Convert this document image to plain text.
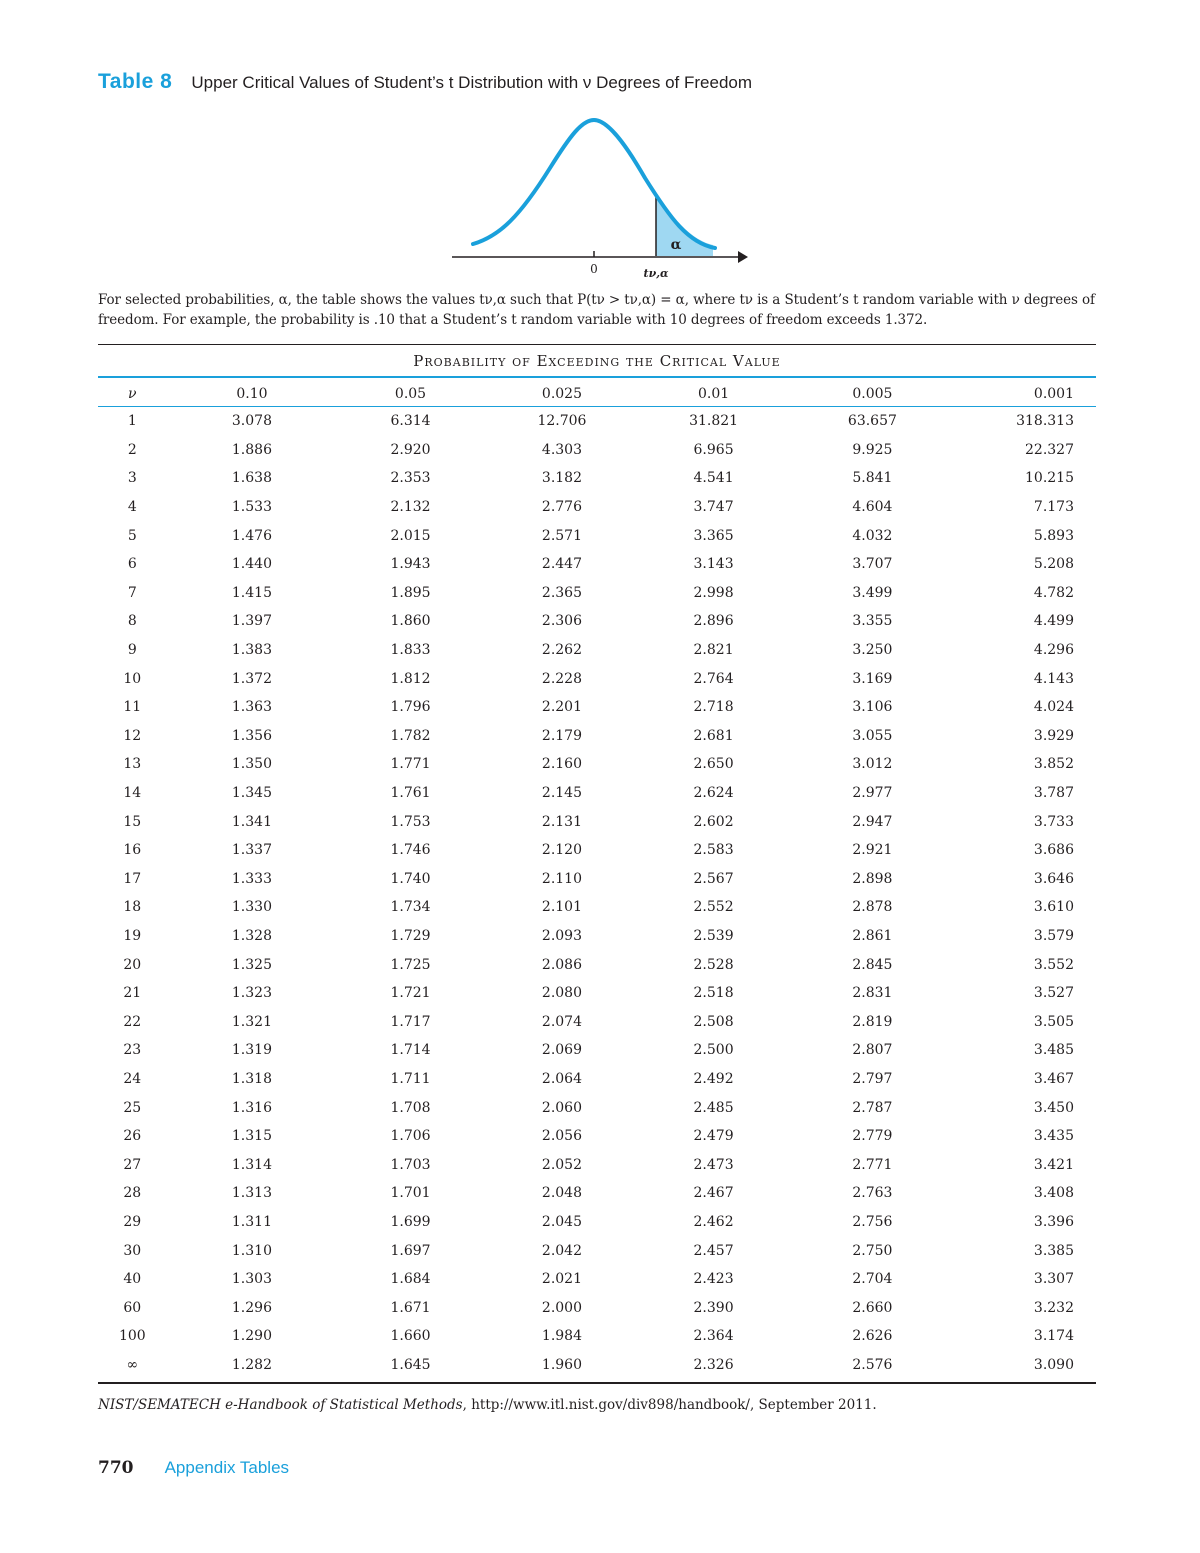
Table 8 Upper Critical Values of Student’s t Distribution with ν Degrees of Freedom
0	tν,α
α
For selected probabilities, α, the table shows the values tν,α such that P(tν > tν,α) = α, where tν is a Student’s t random variable with ν degrees of freedom. For example, the probability is .10 that a Student’s t random variable with 10 degrees of freedom exceeds 1.372.
Probability of Exceeding the Critical Value
ν	0.10	0.05	0.025	0.01	0.005	0.001
1	3.078	6.314	12.706	31.821	63.657	318.313
2	1.886	2.920	4.303	6.965	9.925	22.327
3	1.638	2.353	3.182	4.541	5.841	10.215
4	1.533	2.132	2.776	3.747	4.604	7.173
5	1.476	2.015	2.571	3.365	4.032	5.893
6	1.440	1.943	2.447	3.143	3.707	5.208
7	1.415	1.895	2.365	2.998	3.499	4.782
8	1.397	1.860	2.306	2.896	3.355	4.499
9	1.383	1.833	2.262	2.821	3.250	4.296
10	1.372	1.812	2.228	2.764	3.169	4.143
11	1.363	1.796	2.201	2.718	3.106	4.024
12	1.356	1.782	2.179	2.681	3.055	3.929
13	1.350	1.771	2.160	2.650	3.012	3.852
14	1.345	1.761	2.145	2.624	2.977	3.787
15	1.341	1.753	2.131	2.602	2.947	3.733
16	1.337	1.746	2.120	2.583	2.921	3.686
17	1.333	1.740	2.110	2.567	2.898	3.646
18	1.330	1.734	2.101	2.552	2.878	3.610
19	1.328	1.729	2.093	2.539	2.861	3.579
20	1.325	1.725	2.086	2.528	2.845	3.552
21	1.323	1.721	2.080	2.518	2.831	3.527
22	1.321	1.717	2.074	2.508	2.819	3.505
23	1.319	1.714	2.069	2.500	2.807	3.485
24	1.318	1.711	2.064	2.492	2.797	3.467
25	1.316	1.708	2.060	2.485	2.787	3.450
26	1.315	1.706	2.056	2.479	2.779	3.435
27	1.314	1.703	2.052	2.473	2.771	3.421
28	1.313	1.701	2.048	2.467	2.763	3.408
29	1.311	1.699	2.045	2.462	2.756	3.396
30	1.310	1.697	2.042	2.457	2.750	3.385
40	1.303	1.684	2.021	2.423	2.704	3.307
60	1.296	1.671	2.000	2.390	2.660	3.232
100	1.290	1.660	1.984	2.364	2.626	3.174
∞	1.282	1.645	1.960	2.326	2.576	3.090
NIST/SEMATECH e-Handbook of Statistical Methods, http://www.itl.nist.gov/div898/handbook/, September 2011.
770 Appendix Tables
